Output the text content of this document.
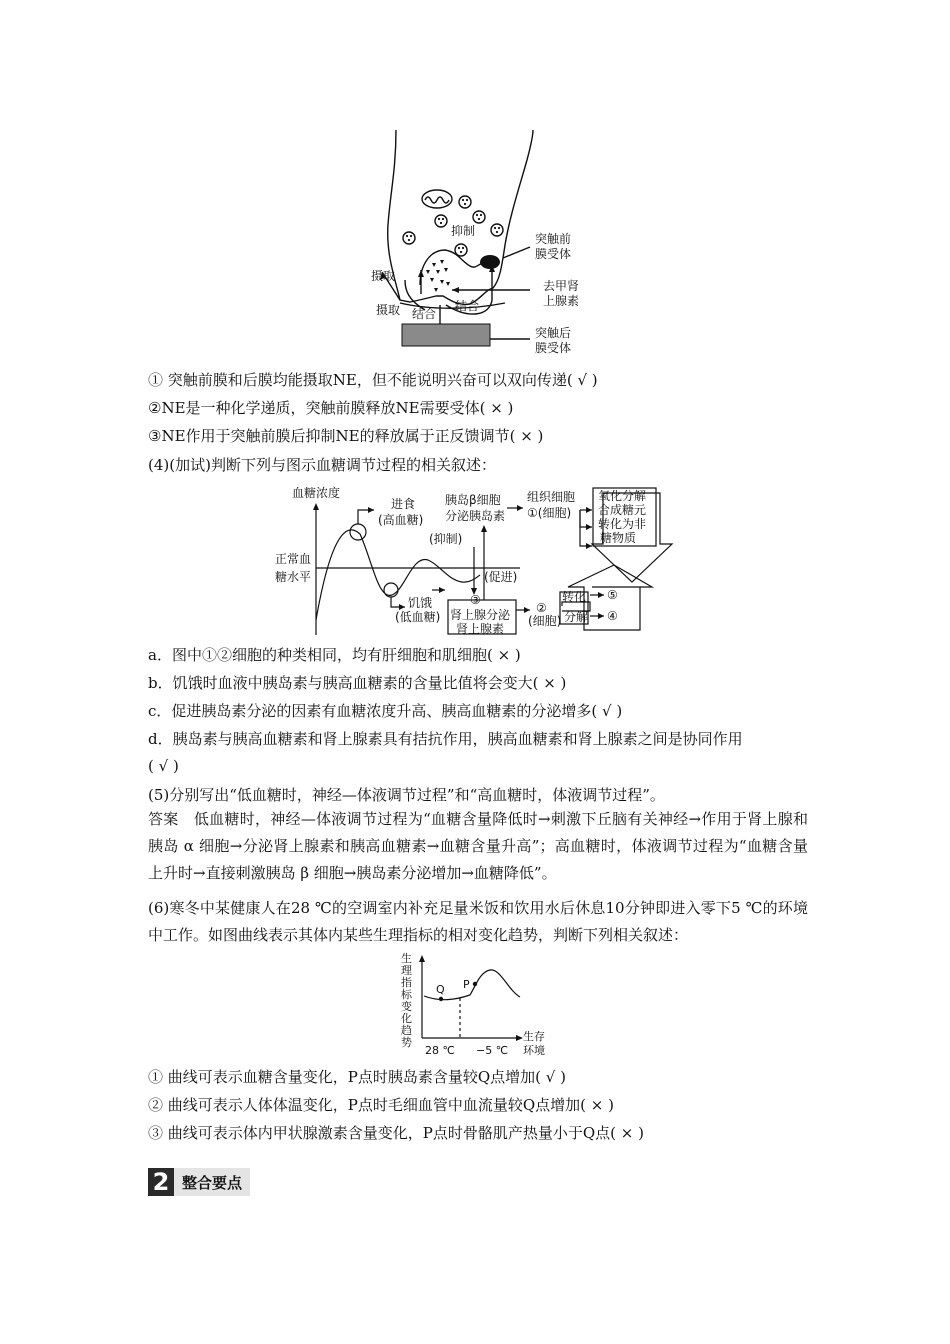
抑制
突触前
膜受体
去甲肾
上腺素
摄取
摄取 结合
结合
突触后
膜受体
① 突触前膜和后膜均能摄取NE，但不能说明兴奋可以双向传递( √ )
②NE是一种化学递质，突触前膜释放NE需要受体( × )
③NE作用于突触前膜后抑制NE的释放属于正反馈调节( × )
(4)(加试)判断下列与图示血糖调节过程的相关叙述：
血糖浓度
正常血
糖水平
进食
(高血糖)
胰岛β细胞
分泌胰岛素
组织细胞
①(细胞)
氧化分解
合成糖元
转化为非
糖物质
(抑制)
(促进)
饥饿
(低血糖)
③
肾上腺分泌
肾上腺素
②
(细胞)
转化
分解
⑤
④
a．图中①②细胞的种类相同，均有肝细胞和肌细胞( × )
b．饥饿时血液中胰岛素与胰高血糖素的含量比值将会变大( × )
c．促进胰岛素分泌的因素有血糖浓度升高、胰高血糖素的分泌增多( √ )
d．胰岛素与胰高血糖素和肾上腺素具有拮抗作用，胰高血糖素和肾上腺素之间是协同作用
( √ )
(5)分别写出“低血糖时，神经—体液调节过程”和“高血糖时，体液调节过程”。
答案　低血糖时，神经—体液调节过程为“血糖含量降低时→刺激下丘脑有关神经→作用于肾上腺和胰岛 α 细胞→分泌肾上腺素和胰高血糖素→血糖含量升高”；高血糖时，体液调节过程为“血糖含量上升时→直接刺激胰岛 β 细胞→胰岛素分泌增加→血糖降低”。
(6)寒冬中某健康人在28 ℃的空调室内补充足量米饭和饮用水后休息10分钟即进入零下5 ℃的环境中工作。如图曲线表示其体内某些生理指标的相对变化趋势，判断下列相关叙述：
生
理
指
标
变
化
趋
势
Q P
28 ℃ −5 ℃
生存
环境
① 曲线可表示血糖含量变化，P点时胰岛素含量较Q点增加( √ )
② 曲线可表示人体体温变化，P点时毛细血管中血流量较Q点增加( × )
③ 曲线可表示体内甲状腺激素含量变化，P点时骨骼肌产热量小于Q点( × )
2 整合要点
